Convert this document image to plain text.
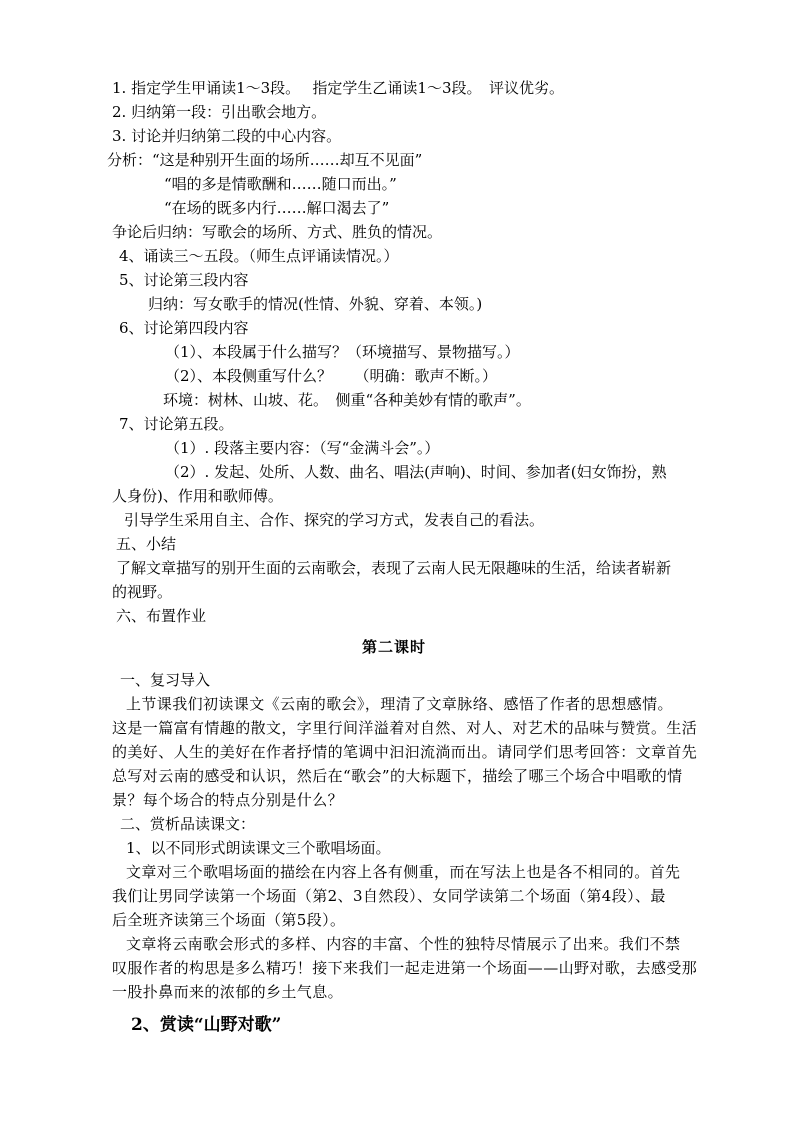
1. 指定学生甲诵读1～3段。　 指定学生乙诵读1～3段。　评议优劣。
2. 归纳第一段：引出歌会地方。
3. 讨论并归纳第二段的中心内容。
分析：“这是种别开生面的场所……却互不见面”
“唱的多是情歌酬和……随口而出。”
“在场的既多内行……解口渴去了”
争论后归纳：写歌会的场所、方式、胜负的情况。
4、诵读三～五段。（师生点评诵读情况。）
5、讨论第三段内容
归纳：写女歌手的情况(性情、外貌、穿着、本领。)
6、讨论第四段内容
（1）、本段属于什么描写？（环境描写、景物描写。）
（2）、本段侧重写什么？　　（明确：歌声不断。）
环境：树林、山坡、花。　侧重“各种美妙有情的歌声”。
7、讨论第五段。
（1）. 段落主要内容：（写“金满斗会”。）
（2）. 发起、处所、人数、曲名、唱法(声响)、时间、参加者(妇女饰扮，熟
人身份)、作用和歌师傅。
引导学生采用自主、合作、探究的学习方式，发表自己的看法。
五、小结
了解文章描写的别开生面的云南歌会，表现了云南人民无限趣味的生活，给读者崭新
的视野。
六、布置作业
第二课时
一、复习导入
上节课我们初读课文《云南的歌会》，理清了文章脉络、感悟了作者的思想感情。
这是一篇富有情趣的散文，字里行间洋溢着对自然、对人、对艺术的品味与赞赏。生活
的美好、人生的美好在作者抒情的笔调中汩汩流淌而出。请同学们思考回答：文章首先
总写对云南的感受和认识，然后在“歌会”的大标题下，描绘了哪三个场合中唱歌的情
景？每个场合的特点分别是什么？
二、赏析品读课文：
1、以不同形式朗读课文三个歌唱场面。
文章对三个歌唱场面的描绘在内容上各有侧重，而在写法上也是各不相同的。首先
我们让男同学读第一个场面（第2、3自然段）、女同学读第二个场面（第4段）、最
后全班齐读第三个场面（第5段）。
文章将云南歌会形式的多样、内容的丰富、个性的独特尽情展示了出来。我们不禁
叹服作者的构思是多么精巧！接下来我们一起走进第一个场面——山野对歌，去感受那
一股扑鼻而来的浓郁的乡土气息。
2、赏读“山野对歌”
